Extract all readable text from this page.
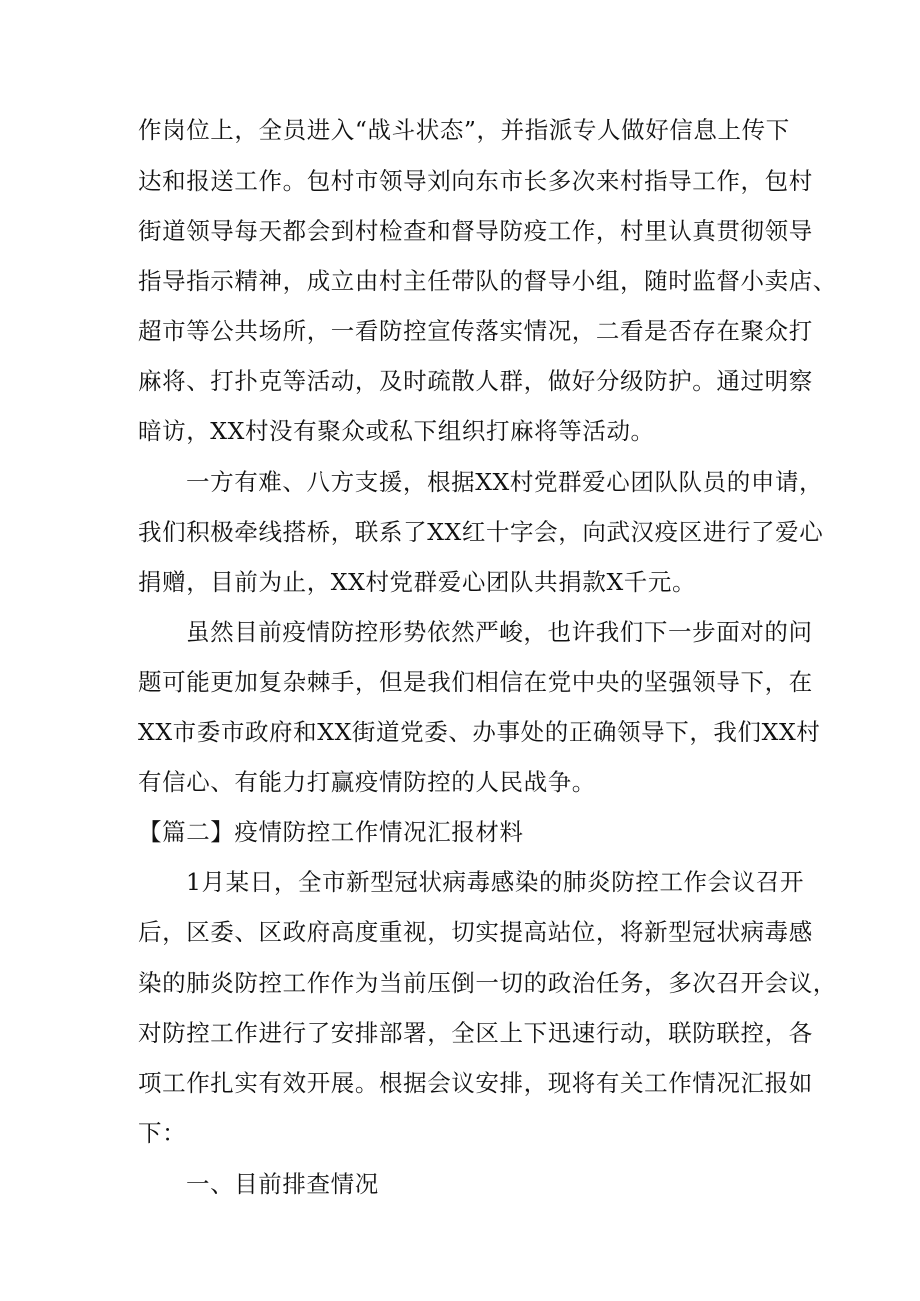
作岗位上，全员进入“战斗状态”，并指派专人做好信息上传下
达和报送工作。包村市领导刘向东市长多次来村指导工作，包村
街道领导每天都会到村检查和督导防疫工作，村里认真贯彻领导
指导指示精神，成立由村主任带队的督导小组，随时监督小卖店、
超市等公共场所，一看防控宣传落实情况，二看是否存在聚众打
麻将、打扑克等活动，及时疏散人群，做好分级防护。通过明察
暗访，XX村没有聚众或私下组织打麻将等活动。
一方有难、八方支援，根据XX村党群爱心团队队员的申请，
我们积极牵线搭桥，联系了XX红十字会，向武汉疫区进行了爱心
捐赠，目前为止，XX村党群爱心团队共捐款X千元。
虽然目前疫情防控形势依然严峻，也许我们下一步面对的问
题可能更加复杂棘手，但是我们相信在党中央的坚强领导下，在
XX市委市政府和XX街道党委、办事处的正确领导下，我们XX村
有信心、有能力打赢疫情防控的人民战争。
【篇二】疫情防控工作情况汇报材料
1月某日，全市新型冠状病毒感染的肺炎防控工作会议召开
后，区委、区政府高度重视，切实提高站位，将新型冠状病毒感
染的肺炎防控工作作为当前压倒一切的政治任务，多次召开会议，
对防控工作进行了安排部署，全区上下迅速行动，联防联控，各
项工作扎实有效开展。根据会议安排，现将有关工作情况汇报如
下：
一、目前排查情况
